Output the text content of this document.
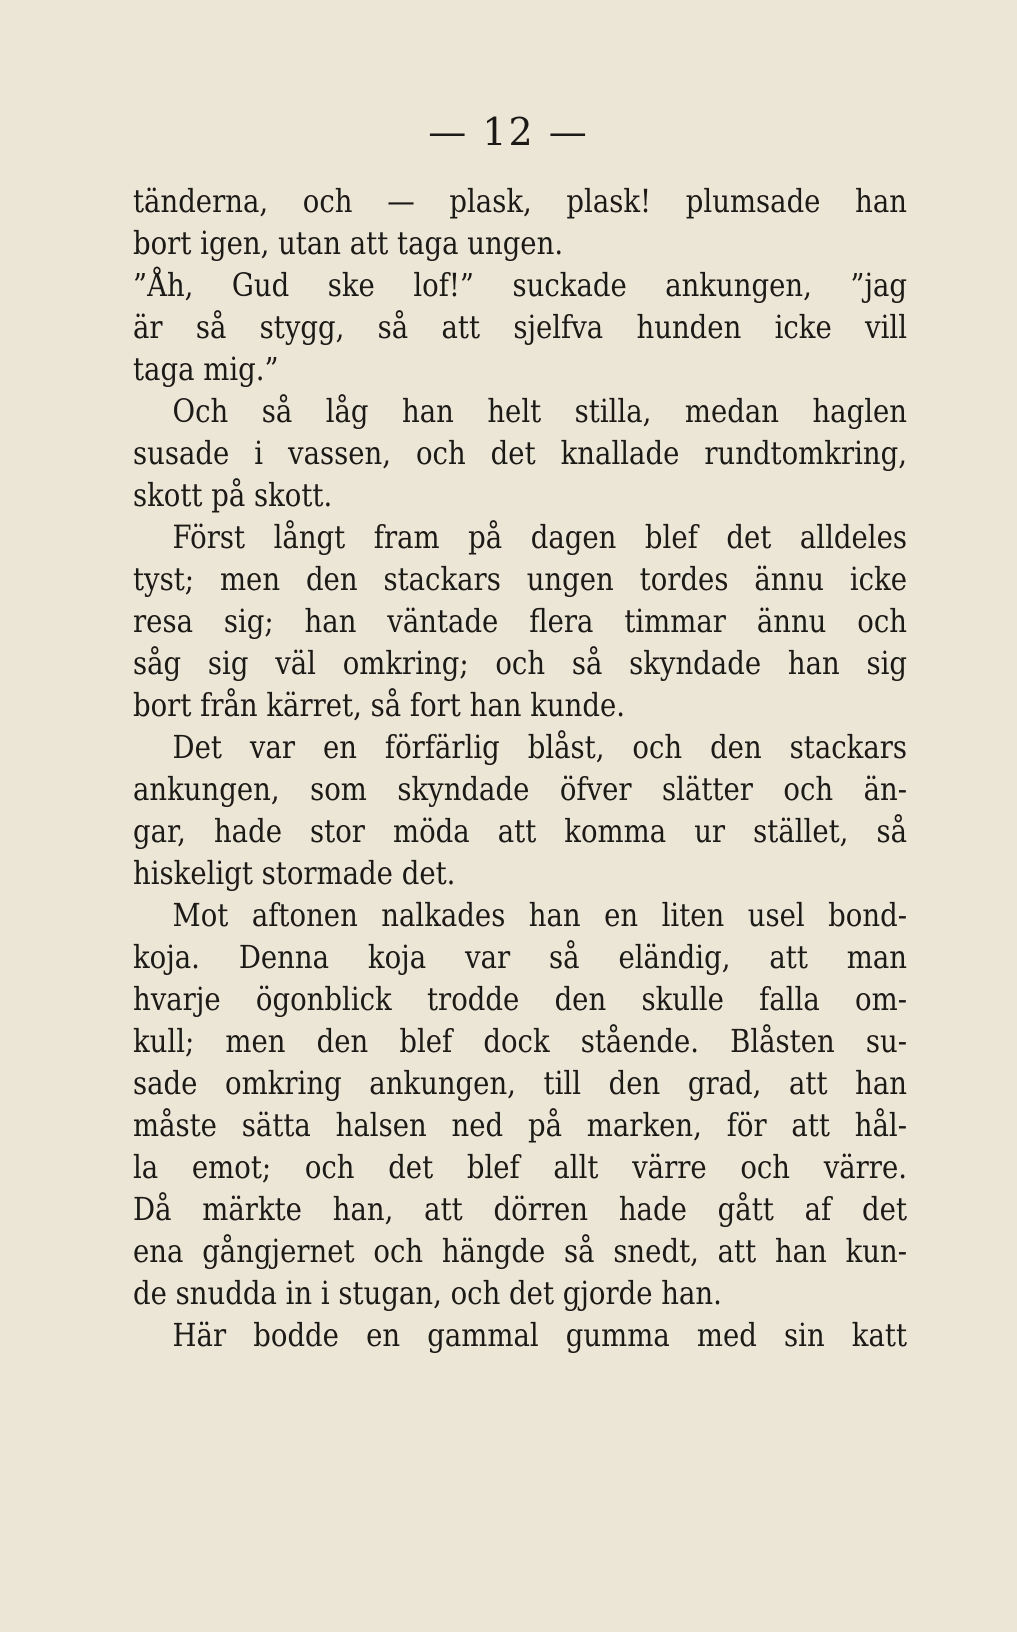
— 12 —
tänderna, och — plask, plask! plumsade han
bort igen, utan att taga ungen.
”Åh, Gud ske lof!” suckade ankungen, ”jag
är så stygg, så att sjelfva hunden icke vill
taga mig.”
Och så låg han helt stilla, medan haglen
susade i vassen, och det knallade rundtomkring,
skott på skott.
Först långt fram på dagen blef det alldeles
tyst; men den stackars ungen tordes ännu icke
resa sig; han väntade flera timmar ännu och
såg sig väl omkring; och så skyndade han sig
bort från kärret, så fort han kunde.
Det var en förfärlig blåst, och den stackars
ankungen, som skyndade öfver slätter och än-
gar, hade stor möda att komma ur stället, så
hiskeligt stormade det.
Mot aftonen nalkades han en liten usel bond-
koja. Denna koja var så eländig, att man
hvarje ögonblick trodde den skulle falla om-
kull; men den blef dock stående. Blåsten su-
sade omkring ankungen, till den grad, att han
måste sätta halsen ned på marken, för att hål-
la emot; och det blef allt värre och värre.
Då märkte han, att dörren hade gått af det
ena gångjernet och hängde så snedt, att han kun-
de snudda in i stugan, och det gjorde han.
Här bodde en gammal gumma med sin katt
